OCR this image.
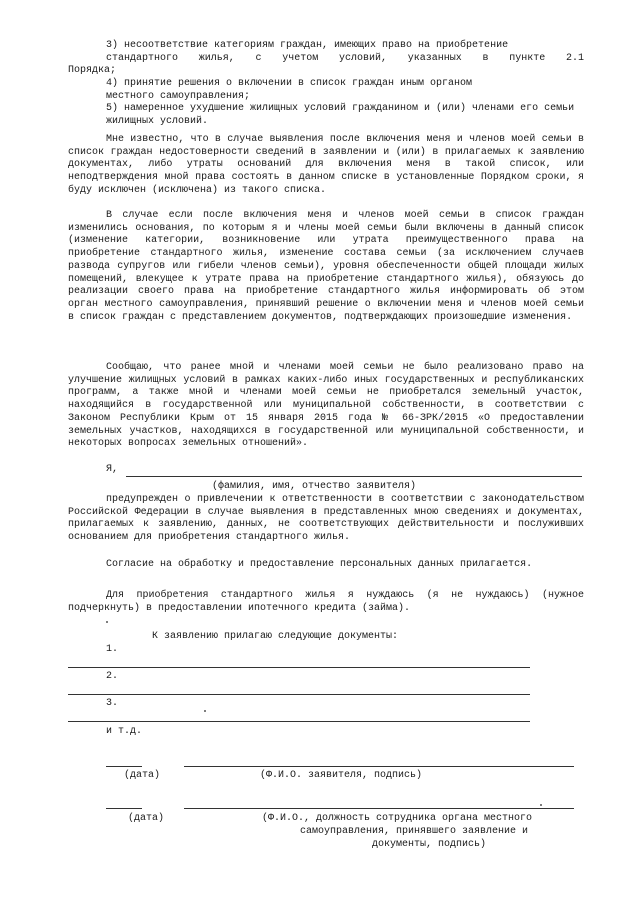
3) несоответствие категориям граждан, имеющих право на приобретение
стандартного жилья, с учетом условий, указанных в пункте 2.1
Порядка;
4) принятие решения о включении в список граждан иным органом
местного самоуправления;
5) намеренное ухудшение жилищных условий гражданином и (или) членами его семьи
жилищных условий.
Мне известно, что в случае выявления после включения меня и членов моей семьи в список граждан недостоверности сведений в заявлении и (или) в прилагаемых к заявлению документах, либо утраты оснований для включения меня в такой список, или неподтверждения мной права состоять в данном списке в установленные Порядком сроки, я буду исключен (исключена) из такого списка.
В случае если после включения меня и членов моей семьи в список граждан изменились основания, по которым я и члены моей семьи были включены в данный список (изменение категории, возникновение или утрата преимущественного права на приобретение стандартного жилья, изменение состава семьи (за исключением случаев развода супругов или гибели членов семьи), уровня обеспеченности общей площади жилых помещений, влекущее к утрате права на приобретение стандартного жилья), обязуюсь до реализации своего права на приобретение стандартного жилья информировать об этом орган местного самоуправления, принявший решение о включении меня и членов моей семьи в список граждан с представлением документов, подтверждающих произошедшие изменения.
Сообщаю, что ранее мной и членами моей семьи не было реализовано право на улучшение жилищных условий в рамках каких-либо иных государственных и республиканских программ, а также мной и членами моей семьи не приобретался земельный участок, находящийся в государственной или муниципальной собственности, в соответствии с Законом Республики Крым от 15 января 2015 года № 66-ЗРК/2015 «О предоставлении земельных участков, находящихся в государственной или муниципальной собственности, и некоторых вопросах земельных отношений».
Я,
(фамилия, имя, отчество заявителя)
предупрежден о привлечении к ответственности в соответствии с законодательством Российской Федерации в случае выявления в представленных мною сведениях и документах, прилагаемых к заявлению, данных, не соответствующих действительности и послуживших основанием для приобретения стандартного жилья.
Согласие на обработку и предоставление персональных данных прилагается.
Для приобретения стандартного жилья я нуждаюсь (я не нуждаюсь) (нужное подчеркнуть) в предоставлении ипотечного кредита (займа).
К заявлению прилагаю следующие документы:
1.
2.
3.
и т.д.
(дата)	(Ф.И.О. заявителя, подпись)
(дата)	(Ф.И.О., должность сотрудника органа местного
самоуправления, принявшего заявление и
документы, подпись)
